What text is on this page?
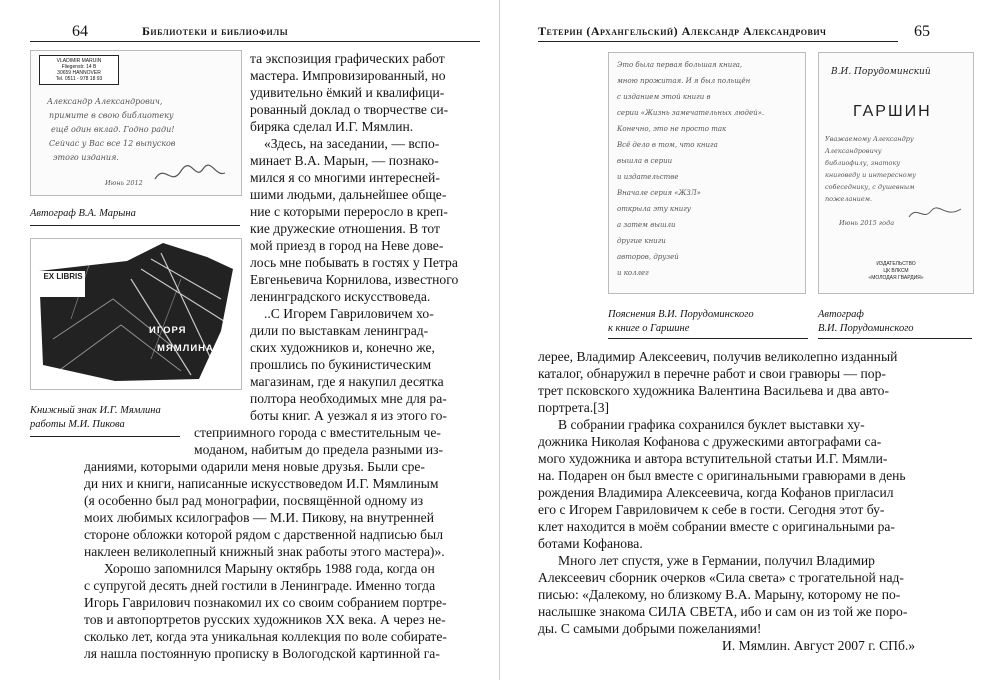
64	Библиотеки и библиофилы
VLADIMIR MARUIN
Fliegenstr. 14 B
30659 HANNOVER
Tel. 0511 - 978 18 93
Александр Александрович,
примите в свою библиотеку
ещё один вклад. Годно ради!
Сейчас у Вас все 12 выпусков
этого издания.
Июнь 2012
Автограф В.А. Марына
EX LIBRIS
ИГОРЯ
МЯМЛИНА
Книжный знак И.Г. Мямлина
работы М.И. Пикова
та экспозиция графических работ
мастера. Импровизированный, но
удивительно ёмкий и квалифици-
рованный доклад о творчестве си-
биряка сделал И.Г. Мямлин.
«Здесь, на заседании, — вспо-
минает В.А. Марын, — познако-
мился я со многими интересней-
шими людьми, дальнейшее обще-
ние с которыми переросло в креп-
кие дружеские отношения. В тот
мой приезд в город на Неве дове-
лось мне побывать в гостях у Петра
Евгеньевича Корнилова, известного
ленинградского искусствоведа.
..С Игорем Гавриловичем хо-
дили по выставкам ленинград-
ских художников и, конечно же,
прошлись по букинистическим
магазинам, где я накупил десятка
полтора необходимых мне для ра-
боты книг. А уезжал я из этого го-
степриимного города с вместительным че-
модaном, набитым до предела разными из-
даниями, которыми одарили меня новые друзья. Были сре-
ди них и книги, написанные искусствоведом И.Г. Мямлиным
(я особенно был рад монографии, посвящённой одному из
моих любимых ксилографов — М.И. Пикову, на внутренней
стороне обложки которой рядом с дарственной надписью был
наклеен великолепный книжный знак работы этого мастера)».
Хорошо запомнился Марыну октябрь 1988 года, когда он
с супругой десять дней гостили в Ленинграде. Именно тогда
Игорь Гаврилович познакомил их со своим собранием портре-
тов и автопортретов русских художников XX века. А через не-
сколько лет, когда эта уникальная коллекция по воле собирате-
ля нашла постоянную прописку в Вологодской картинной га-
Тетерин (Архангельский) Александр Александрович	65
Это была первая большая книга,
мною прожитая. И я был польщён
с изданием этой книги в
серии «Жизнь замечательных людей».
Конечно, это не просто так
Всё дело в том, что книга
вышла в серии
и издательстве
Вначале серия «ЖЗЛ»
открыла эту книгу
а затем вышли
другие книги
авторов, друзей
и коллег
Пояснения В.И. Порудоминского
к книге о Гаршине
В.И. Порудоминский
ГАРШИН
Уважаемому Александру
Александровичу
библиофилу, знатоку
книговеду и интересному
собеседнику, с душевным
пожеланием.
Июнь 2015 года
ИЗДАТЕЛЬСТВО
ЦК ВЛКСМ
«МОЛОДАЯ ГВАРДИЯ»
Автограф
В.И. Порудоминского
лерее, Владимир Алексеевич, получив великолепно изданный
каталог, обнаружил в перечне работ и свои гравюры — пор-
трет псковского художника Валентина Васильева и два авто-
портрета.[3]
В собрании графика сохранился буклет выставки ху-
дожника Николая Кофанова с дружескими автографами са-
мого художника и автора вступительной статьи И.Г. Мямли-
на. Подарен он был вместе с оригинальными гравюрами в день
рождения Владимира Алексеевича, когда Кофанов пригласил
его с Игорем Гавриловичем к себе в гости. Сегодня этот бу-
клет находится в моём собрании вместе с оригинальными ра-
ботами Кофанова.
Много лет спустя, уже в Германии, получил Владимир
Алексеевич сборник очерков «Сила света» с трогательной над-
писью: «Далекому, но близкому В.А. Марыну, которому не по-
наслышке знакома СИЛА СВЕТА, ибо и сам он из той же поро-
ды. С самыми добрыми пожеланиями!
И. Мямлин. Август 2007 г. СПб.»
